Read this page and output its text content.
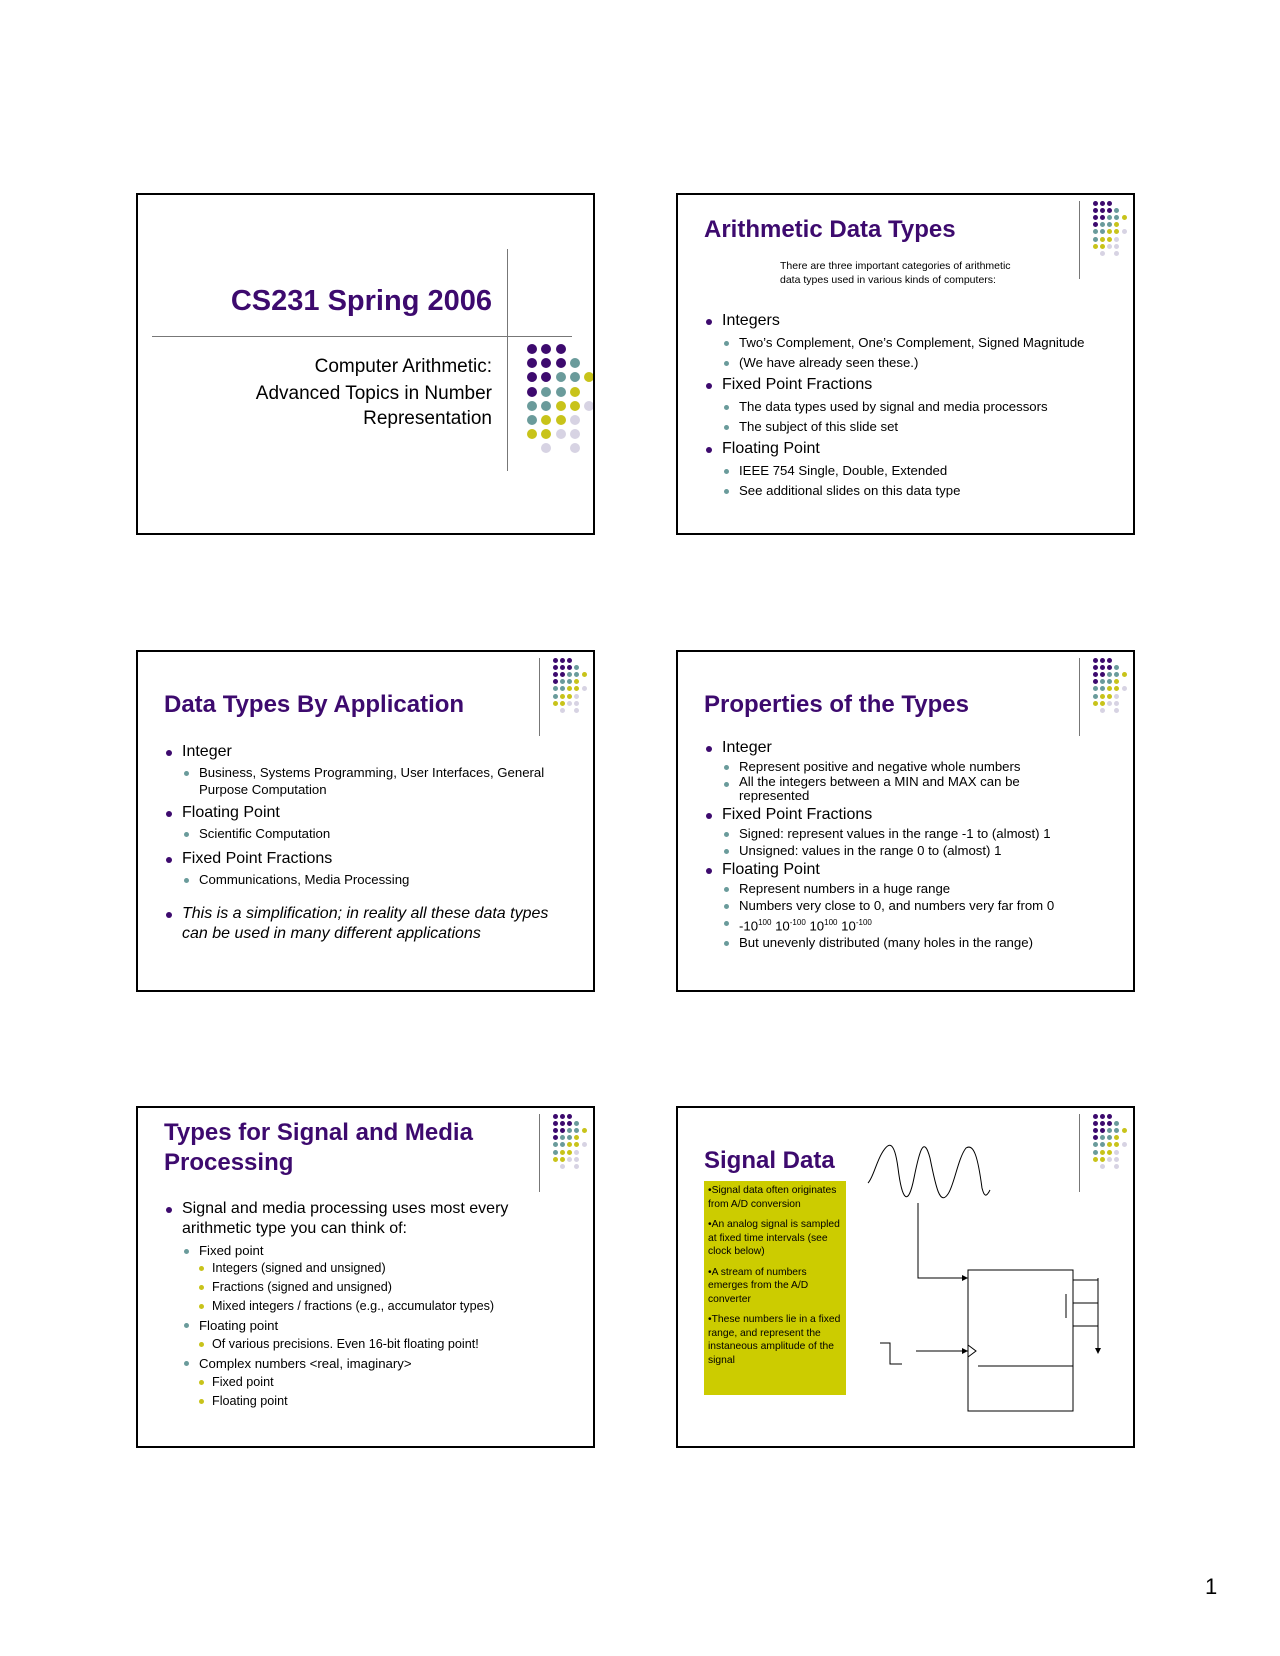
CS231 Spring 2006
Computer Arithmetic:
Advanced Topics in Number
Representation
Arithmetic Data Types
There are three important categories of arithmetic data types used in various kinds of computers:
Integers
Two’s Complement, One’s Complement, Signed Magnitude
(We have already seen these.)
Fixed Point Fractions
The data types used by signal and media processors
The subject of this slide set
Floating Point
IEEE 754 Single, Double, Extended
See additional slides on this data type
Data Types By Application
Integer
Business, Systems Programming, User Interfaces, General Purpose Computation
Floating Point
Scientific Computation
Fixed Point Fractions
Communications, Media Processing
This is a simplification; in reality all these data types can be used in many different applications
Properties of the Types
Integer
Represent positive and negative whole numbers
All the integers between a MIN and MAX can be represented
Fixed Point Fractions
Signed: represent values in the range -1 to (almost) 1
Unsigned: values in the range 0 to (almost) 1
Floating Point
Represent numbers in a huge range
Numbers very close to 0, and numbers very far from 0
$-10^{100}$ $10^{-100}$ $10^{100}$ $10^{-100}$
But unevenly distributed (many holes in the range)
Types for Signal and Media Processing
Signal and media processing uses most every arithmetic type you can think of:
Fixed point
Integers (signed and unsigned)
Fractions (signed and unsigned)
Mixed integers / fractions (e.g., accumulator types)
Floating point
Of various precisions. Even 16-bit floating point!
Complex numbers <real, imaginary>
Fixed point
Floating point
Signal Data
•Signal data often originates from A/D conversion
•An analog signal is sampled at fixed time intervals (see clock below)
•A stream of numbers emerges from the A/D converter
•These numbers lie in a fixed range, and represent the instaneous amplitude of the signal
1
